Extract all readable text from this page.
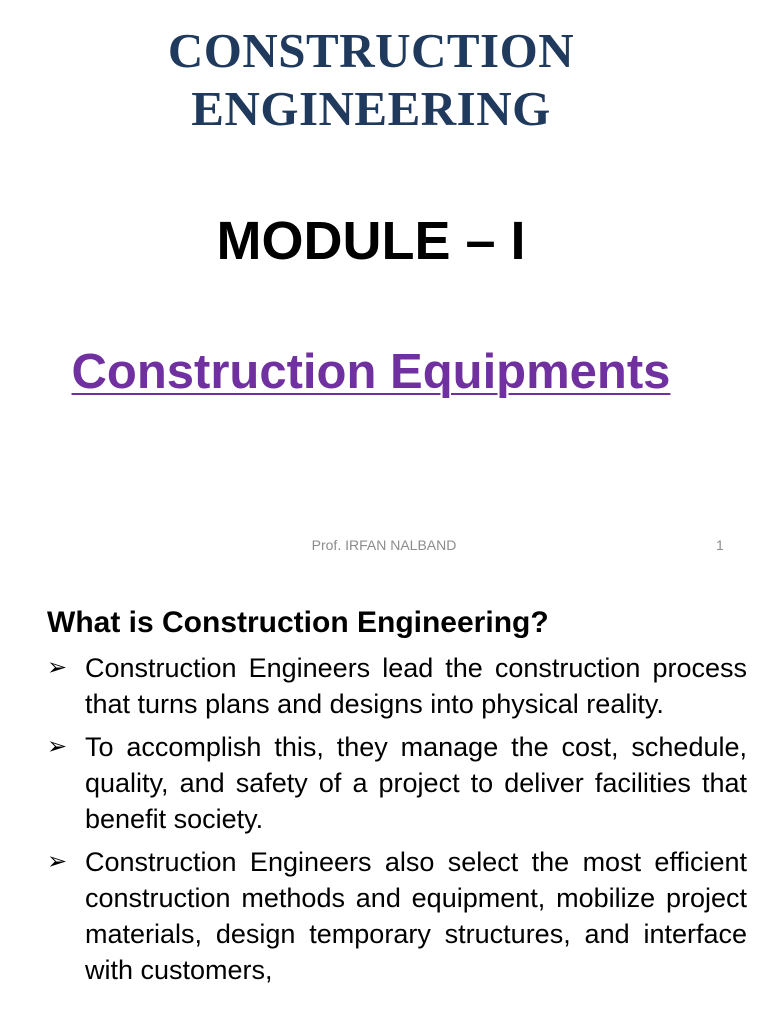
CONSTRUCTION
ENGINEERING
MODULE – I
Construction Equipments
Prof. IRFAN NALBAND	1
What is Construction Engineering?
➢ Construction Engineers lead the construction process that turns plans and designs into physical reality.
➢ To accomplish this, they manage the cost, schedule, quality, and safety of a project to deliver facilities that benefit society.
➢ Construction Engineers also select the most efficient construction methods and equipment, mobilize project materials, design temporary structures, and interface with customers,
